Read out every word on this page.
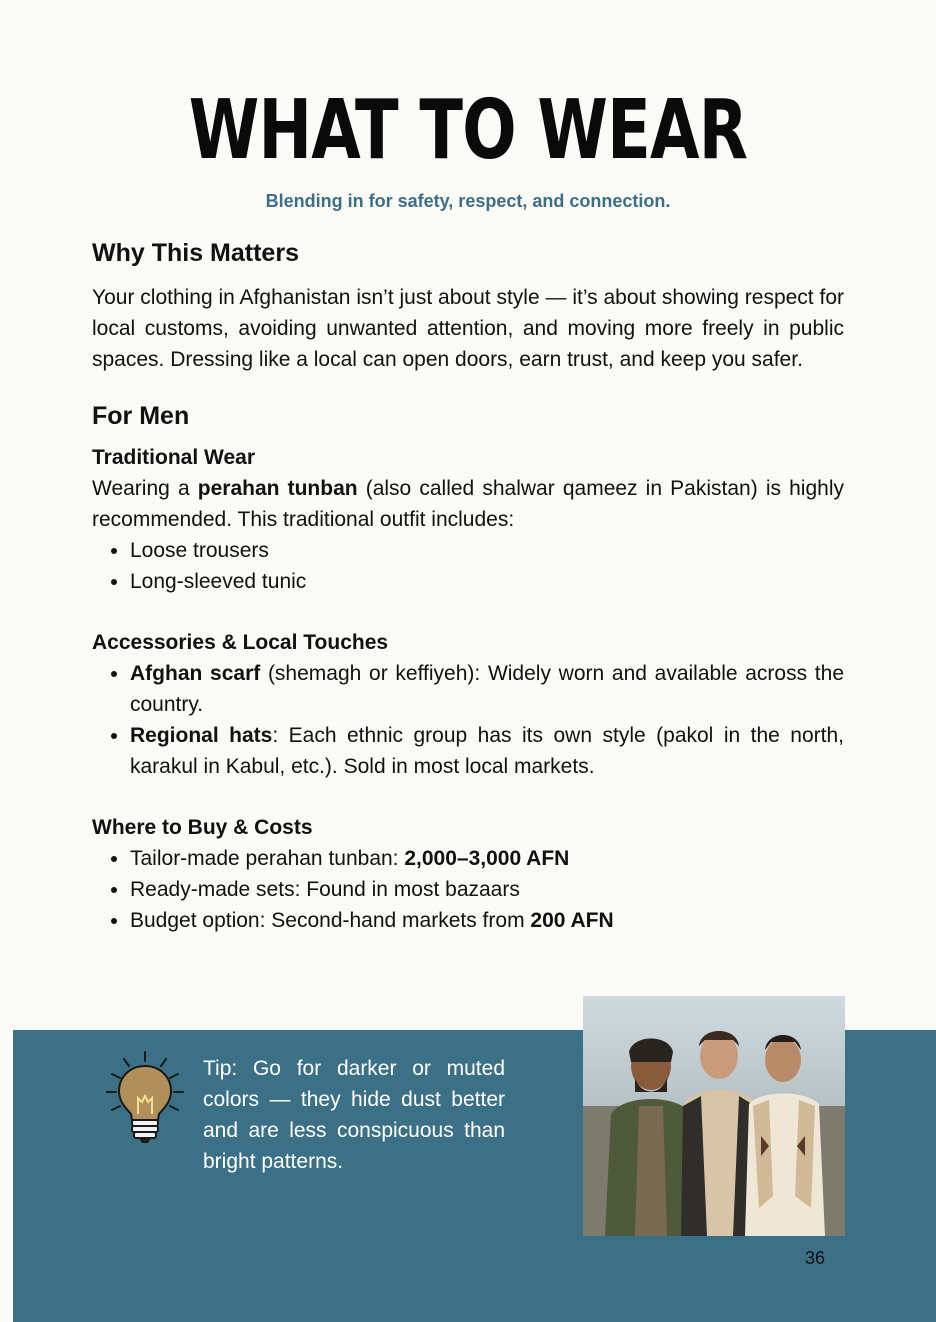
WHAT TO WEAR
Blending in for safety, respect, and connection.
Why This Matters

Your clothing in Afghanistan isn’t just about style — it’s about showing respect for local customs, avoiding unwanted attention, and moving more freely in public spaces. Dressing like a local can open doors, earn trust, and keep you safer.

For Men
Traditional Wear

Wearing a perahan tunban (also called shalwar qameez in Pakistan) is highly recommended. This traditional outfit includes:

• Loose trousers
• Long-sleeved tunic
Accessories & Local Touches
• Afghan scarf (shemagh or keffiyeh): Widely worn and available across the country.
• Regional hats: Each ethnic group has its own style (pakol in the north, karakul in Kabul, etc.). Sold in most local markets.
Where to Buy & Costs
• Tailor-made perahan tunban: 2,000–3,000 AFN
• Ready-made sets: Found in most bazaars
• Budget option: Second-hand markets from 200 AFN
Tip: Go for darker or muted colors — they hide dust better and are less conspicuous than bright patterns.
36
